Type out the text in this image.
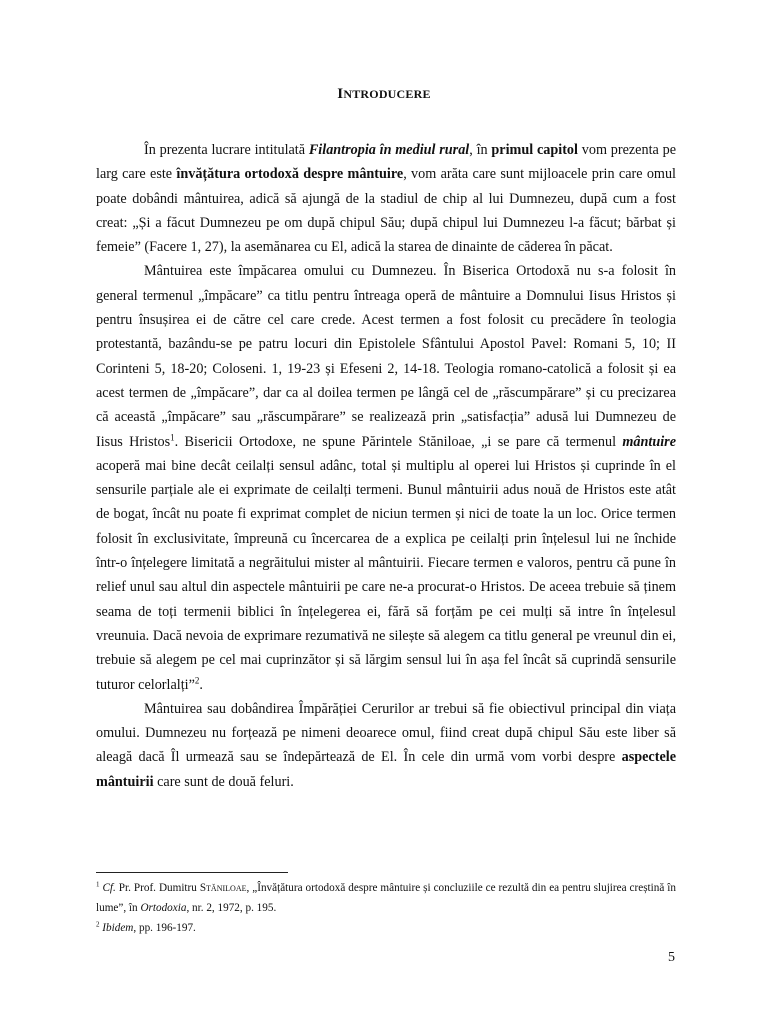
INTRODUCERE

În prezenta lucrare intitulată Filantropia în mediul rural, în primul capitol vom prezenta pe larg care este învățătura ortodoxă despre mântuire, vom arăta care sunt mijloacele prin care omul poate dobândi mântuirea, adică să ajungă de la stadiul de chip al lui Dumnezeu, după cum a fost creat: „Și a făcut Dumnezeu pe om după chipul Său; după chipul lui Dumnezeu l-a făcut; bărbat și femeie” (Facere 1, 27), la asemănarea cu El, adică la starea de dinainte de căderea în păcat.

Mântuirea este împăcarea omului cu Dumnezeu. În Biserica Ortodoxă nu s-a folosit în general termenul „împăcare” ca titlu pentru întreaga operă de mântuire a Domnului Iisus Hristos și pentru însușirea ei de către cel care crede. Acest termen a fost folosit cu precădere în teologia protestantă, bazându-se pe patru locuri din Epistolele Sfântului Apostol Pavel: Romani 5, 10; II Corinteni 5, 18-20; Coloseni. 1, 19-23 și Efeseni 2, 14-18. Teologia romano-catolică a folosit și ea acest termen de „împăcare”, dar ca al doilea termen pe lângă cel de „răscumpărare” și cu precizarea că această „împăcare” sau „răscumpărare” se realizează prin „satisfacția” adusă lui Dumnezeu de Iisus Hristos$^1$. Bisericii Ortodoxe, ne spune Părintele Stăniloae, „i se pare că termenul mântuire acoperă mai bine decât ceilalți sensul adânc, total și multiplu al operei lui Hristos și cuprinde în el sensurile parțiale ale ei exprimate de ceilalți termeni. Bunul mântuirii adus nouă de Hristos este atât de bogat, încât nu poate fi exprimat complet de niciun termen și nici de toate la un loc. Orice termen folosit în exclusivitate, împreună cu încercarea de a explica pe ceilalți prin înțelesul lui ne închide într-o înțelegere limitată a negrăitului mister al mântuirii. Fiecare termen e valoros, pentru că pune în relief unul sau altul din aspectele mântuirii pe care ne-a procurat-o Hristos. De aceea trebuie să ținem seama de toți termenii biblici în înțelegerea ei, fără să forțăm pe cei mulți să intre în înțelesul vreunuia. Dacă nevoia de exprimare rezumativă ne silește să alegem ca titlu general pe vreunul din ei, trebuie să alegem pe cel mai cuprinzător și să lărgim sensul lui în așa fel încât să cuprindă sensurile tuturor celorlalți”$^2$.

Mântuirea sau dobândirea Împărăției Cerurilor ar trebui să fie obiectivul principal din viața omului. Dumnezeu nu forțează pe nimeni deoarece omul, fiind creat după chipul Său este liber să aleagă dacă Îl urmează sau se îndepărtează de El. În cele din urmă vom vorbi despre aspectele mântuirii care sunt de două feluri.

$^1$ Cf. Pr. Prof. Dumitru Stăniloae, „Învățătura ortodoxă despre mântuire și concluziile ce rezultă din ea pentru slujirea creștină în lume”, în Ortodoxia, nr. 2, 1972, p. 195.

$^2$ Ibidem, pp. 196-197.

5
